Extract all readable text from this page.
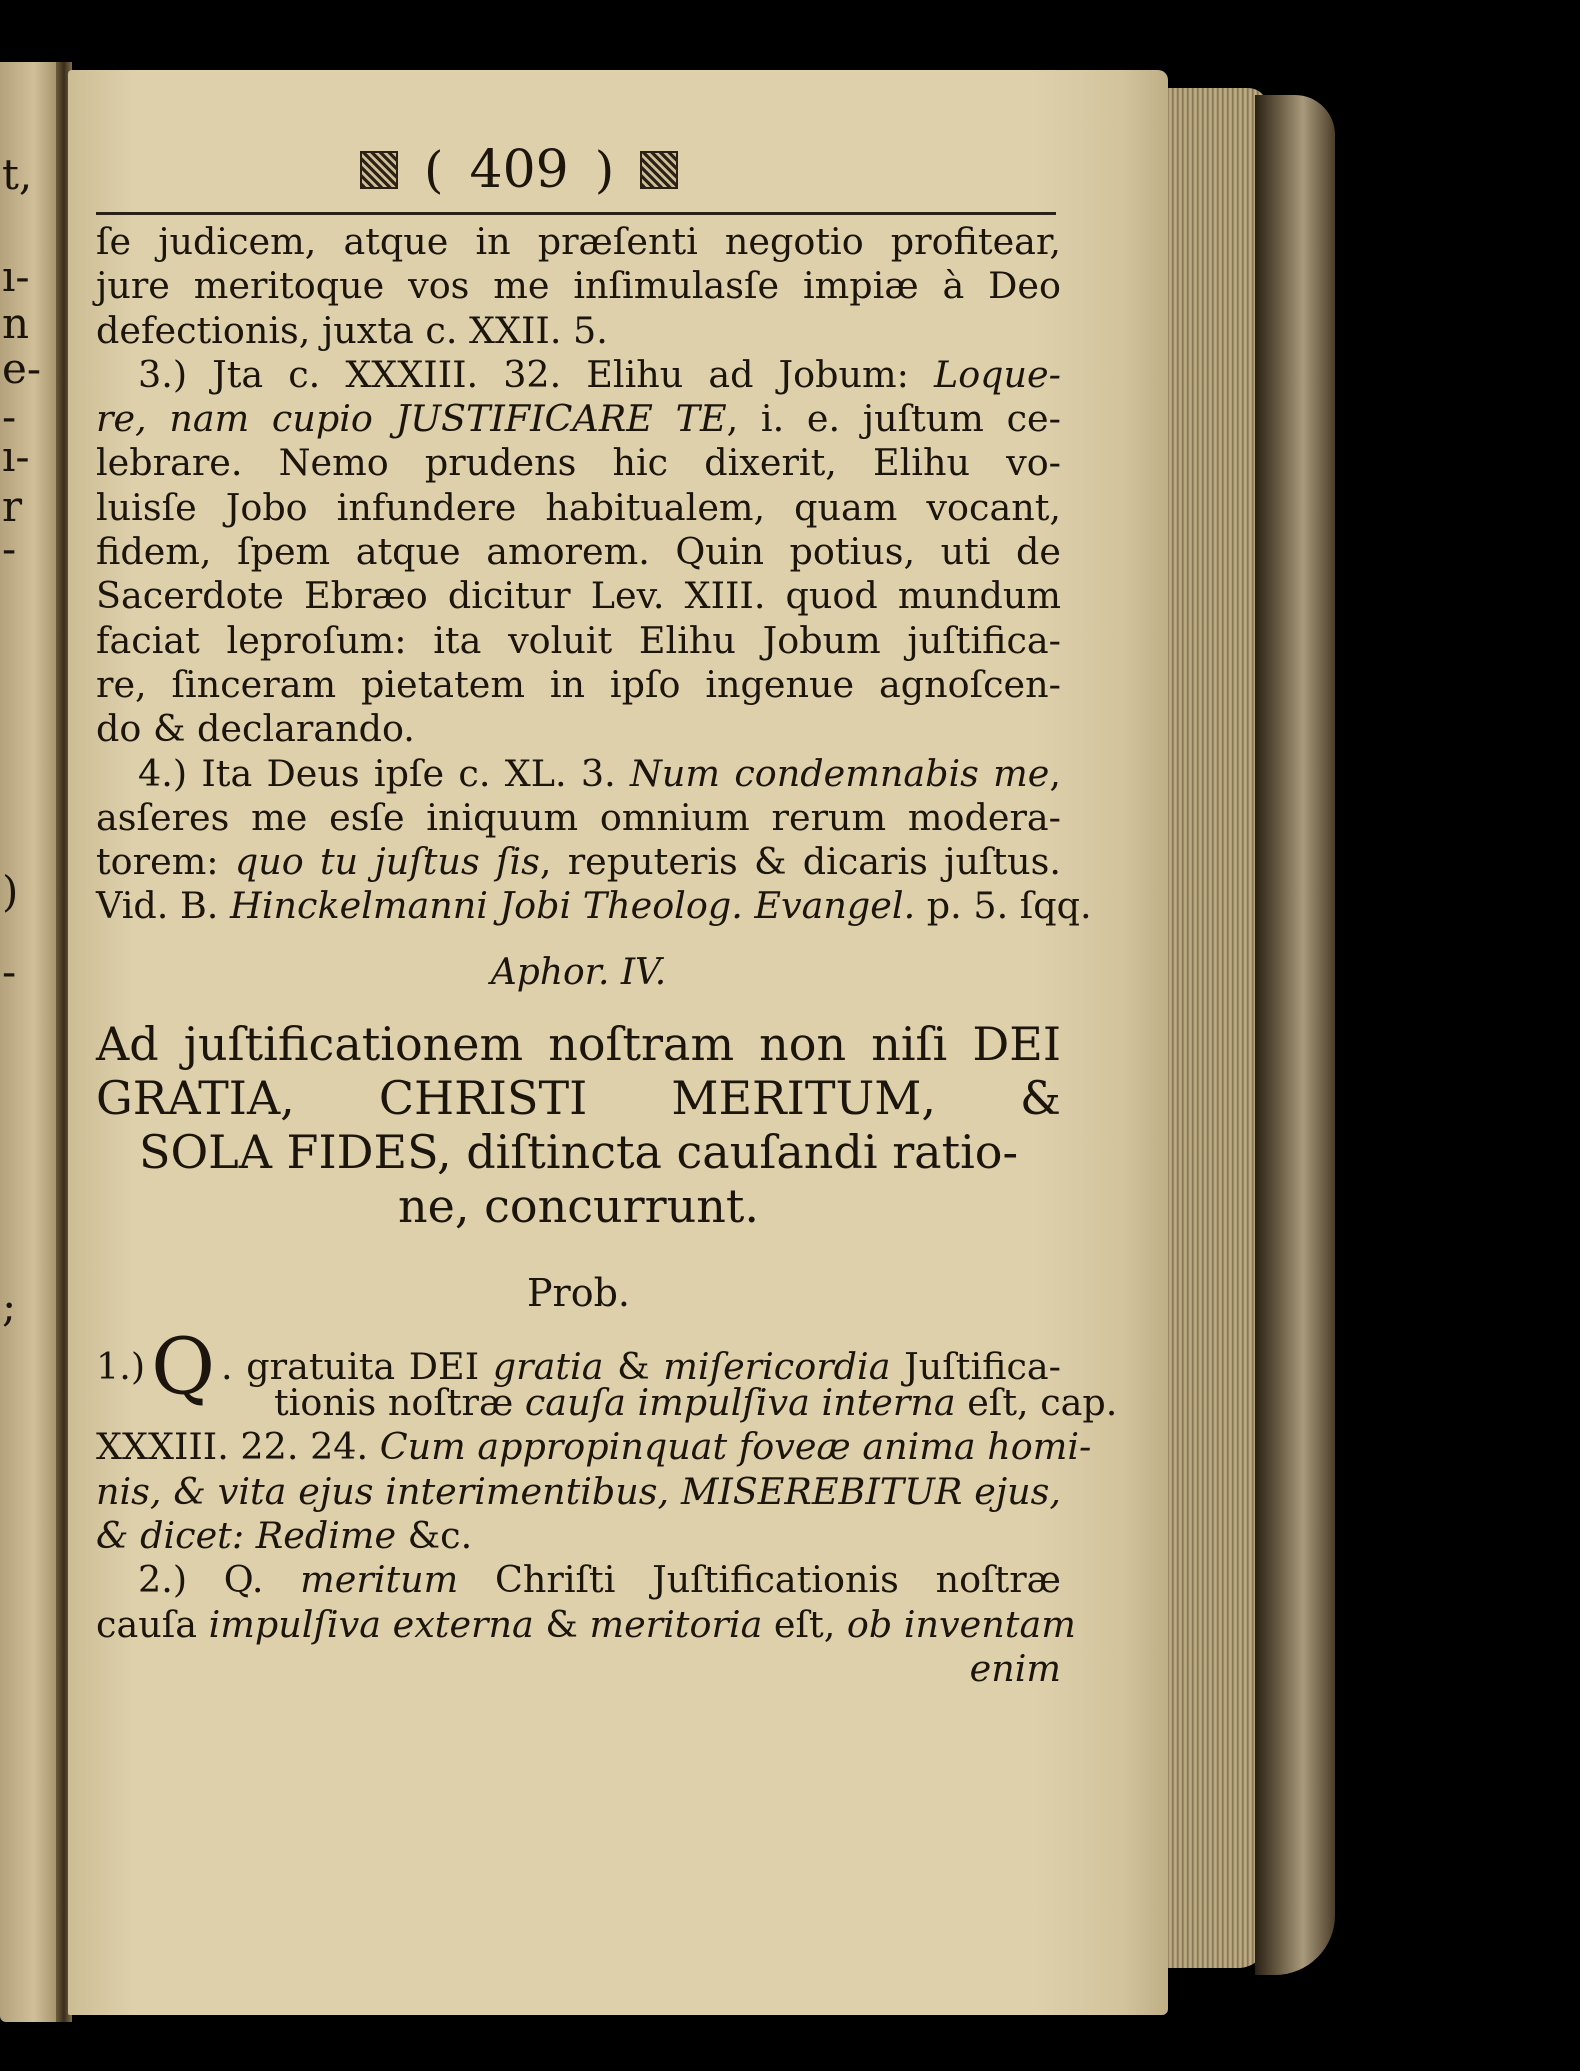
t,
ı-
n
e-
-
ı-
r
-
)
-
;
( 409 )
ſe judicem, atque in præſenti negotio profitear,
jure meritoque vos me inſimulasſe impiæ à Deo
defectionis, juxta c. XXII. 5.
3.) Jta c. XXXIII. 32. Elihu ad Jobum: Loque-
re, nam cupio JUSTIFICARE TE, i. e. juſtum ce-
lebrare. Nemo prudens hic dixerit, Elihu vo-
luisſe Jobo infundere habitualem, quam vocant,
fidem, ſpem atque amorem. Quin potius, uti de
Sacerdote Ebræo dicitur Lev. XIII. quod mundum
faciat leproſum: ita voluit Elihu Jobum juſtifica-
re, ſinceram pietatem in ipſo ingenue agnoſcen-
do & declarando.
4.) Ita Deus ipſe c. XL. 3. Num condemnabis me,
asſeres me esſe iniquum omnium rerum modera-
torem: quo tu juſtus ſis, reputeris & dicaris juſtus.
Vid. B. Hinckelmanni Jobi Theolog. Evangel. p. 5. ſqq.
Aphor. IV.
Ad juſtificationem noſtram non niſi DEI
GRATIA, CHRISTI MERITUM, &
SOLA FIDES, diſtincta cauſandi ratio-
ne, concurrunt.
Prob.
1.)Q . gratuita DEI gratia & miſericordia Juſtifica-
tionis noſtræ cauſa impulſiva interna eſt, cap.
XXXIII. 22. 24. Cum appropinquat foveæ anima homi-
nis, & vita ejus interimentibus, MISEREBITUR ejus,
& dicet: Redime &c.
2.) Q. meritum Chriſti Juſtificationis noſtræ
cauſa impulſiva externa & meritoria eſt, ob inventam
enim
